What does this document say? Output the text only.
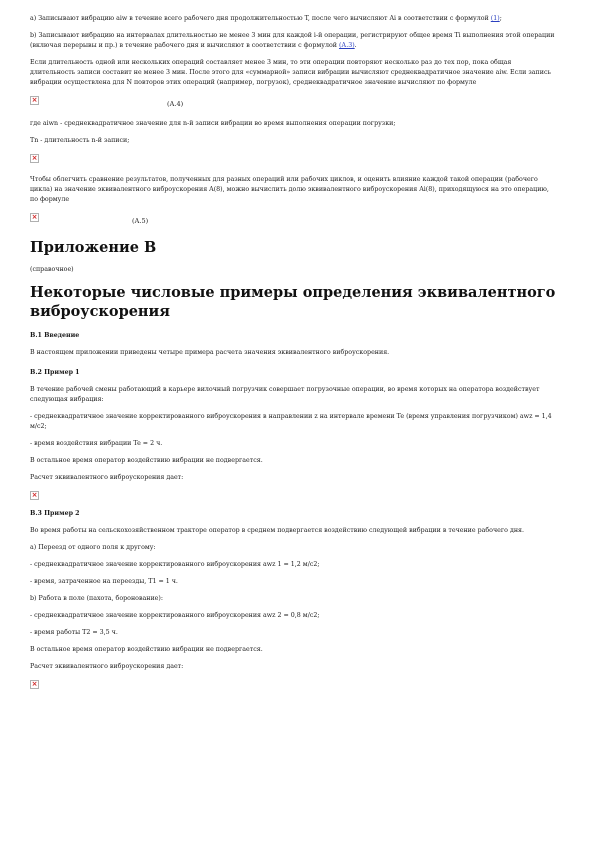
а) Записывают вибрацию aiw в течение всего рабочего дня продолжительностью T, после чего вычисляют Ai в соответствии с формулой (1);

b) Записывают вибрацию на интервалах длительностью не менее 3 мин для каждой i-й операции, регистрируют общее время Ti выполнения этой операции (включая перерывы и пр.) в течение рабочего дня и вычисляют в соответствии с формулой (А.3).

Если длительность одной или нескольких операций составляет менее 3 мин, то эти операции повторяют несколько раз до тех пор, пока общая длительность записи составит не менее 3 мин. После этого для «суммарной» записи вибрации вычисляют среднеквадратичное значение aiw. Если запись вибрации осуществлена для N повторов этих операций (например, погрузок), среднеквадратичное значение вычисляют по формуле

×	(А.4)

где aiwn - среднеквадратичное значение для n-й записи вибрации во время выполнения операции погрузки;

Tn - длительность n-й записи;

×

Чтобы облегчить сравнение результатов, полученных для разных операций или рабочих циклов, и оценить влияние каждой такой операции (рабочего цикла) на значение эквивалентного виброускорения A(8), можно вычислить долю эквивалентного виброускорения Ai(8), приходящуюся на это операцию, по формуле

×	(А.5)
Приложение В

(справочное)

Некоторые числовые примеры определения эквивалентного виброускорения

В.1 Введение

В настоящем приложении приведены четыре примера расчета значения эквивалентного виброускорения.

В.2 Пример 1

В течение рабочей смены работающий в карьере вилочный погрузчик совершает погрузочные операции, во время которых на оператора воздействует следующая вибрация:

- среднеквадратичное значение корректированного виброускорения в направлении z на интервале времени Te (время управления погрузчиком) awz = 1,4 м/с2;

- время воздействия вибрации Te = 2 ч.

В остальное время оператор воздействию вибрации не подвергается.

Расчет эквивалентного виброускорения дает:

×

В.3 Пример 2

Во время работы на сельскохозяйственном тракторе оператор в среднем подвергается воздействию следующей вибрации в течение рабочего дня.

а) Переезд от одного поля к другому:

- среднеквадратичное значение корректированного виброускорения awz 1 = 1,2 м/с2;

- время, затраченное на переезды, T1 = 1 ч.

b) Работа в поле (пахота, боронование):

- среднеквадратичное значение корректированного виброускорения awz 2 = 0,8 м/с2;

- время работы T2 = 3,5 ч.

В остальное время оператор воздействию вибрации не подвергается.

Расчет эквивалентного виброускорения дает:

×
